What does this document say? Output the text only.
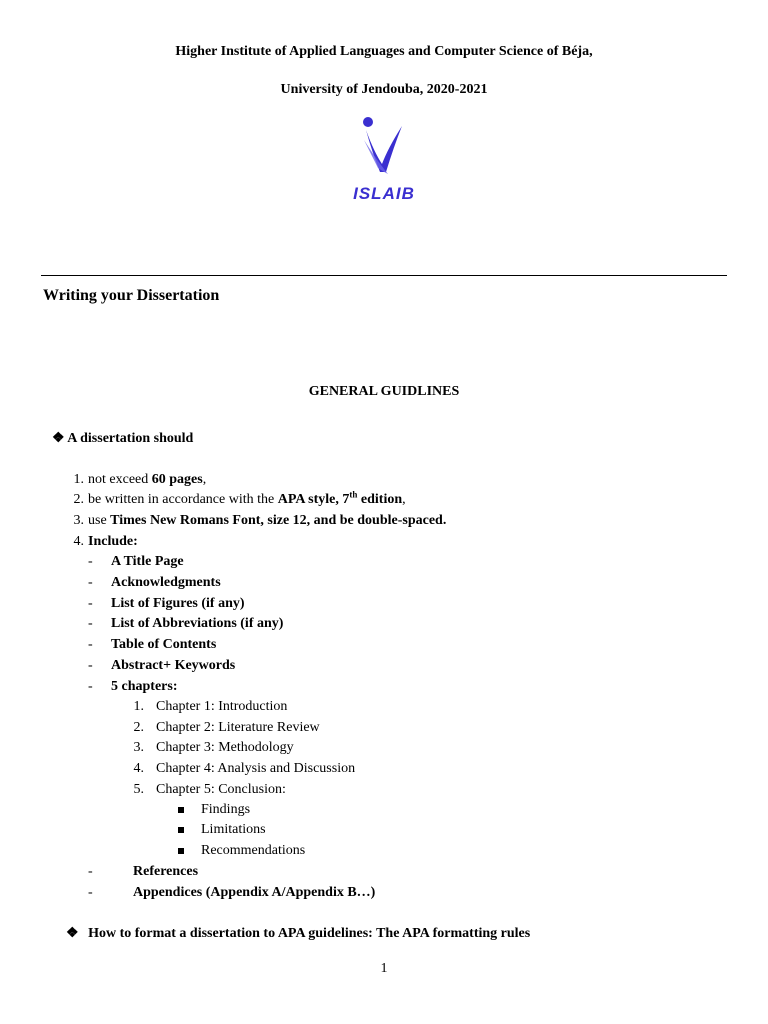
Higher Institute of Applied Languages and Computer Science of Béja,
University of Jendouba, 2020-2021
ISLAIB
Writing your Dissertation
GENERAL GUIDLINES
❖ A dissertation should
1. not exceed 60 pages,
2. be written in accordance with the APA style, 7th edition,
3. use Times New Romans Font, size 12, and be double-spaced.
4. Include:
- A Title Page
- Acknowledgments
- List of Figures (if any)
- List of Abbreviations (if any)
- Table of Contents
- Abstract+ Keywords
- 5 chapters:
1. Chapter 1: Introduction
2. Chapter 2: Literature Review
3. Chapter 3: Methodology
4. Chapter 4: Analysis and Discussion
5. Chapter 5: Conclusion:
Findings
Limitations
Recommendations
-	References
-	Appendices (Appendix A/Appendix B…)
❖ How to format a dissertation to APA guidelines: The APA formatting rules
1
